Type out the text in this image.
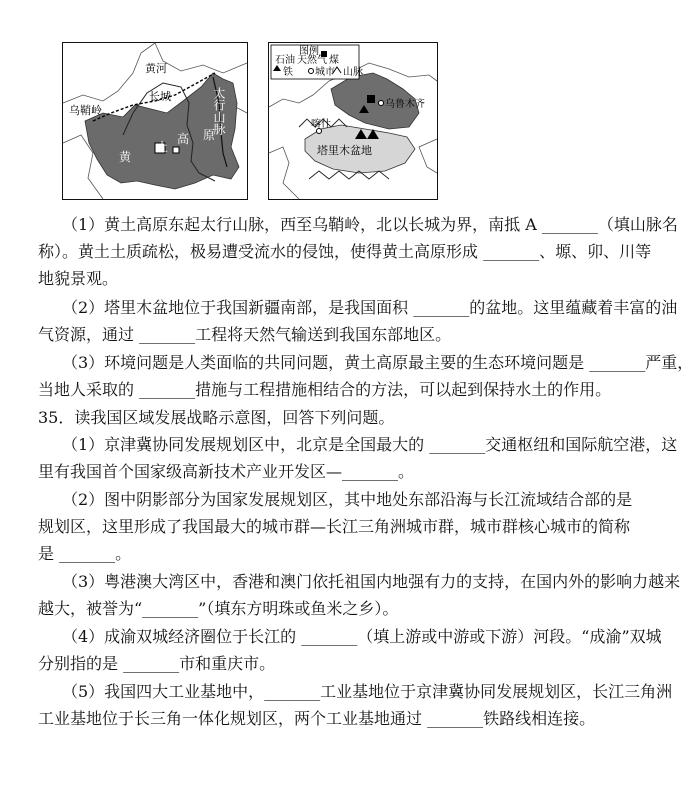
乌鞘岭
黄河
长城	太行山脉
黄
土
高 原
图例
石油 天然气 煤
铁 城市 山脉
乌鲁木齐
喀什
塔里木盆地
（1）黄土高原东起太行山脉，西至乌鞘岭，北以长城为界，南抵 A _______（填山脉名
称）。黄土土质疏松，极易遭受流水的侵蚀，使得黄土高原形成 _______、塬、卯、川等
地貌景观。
（2）塔里木盆地位于我国新疆南部，是我国面积 _______的盆地。这里蕴藏着丰富的油
气资源，通过 _______工程将天然气输送到我国东部地区。
（3）环境问题是人类面临的共同问题，黄土高原最主要的生态环境问题是 _______严重，
当地人采取的 _______措施与工程措施相结合的方法，可以起到保持水土的作用。
35．读我国区域发展战略示意图，回答下列问题。
（1）京津冀协同发展规划区中，北京是全国最大的 _______交通枢纽和国际航空港，这
里有我国首个国家级高新技术产业开发区—_______。
（2）图中阴影部分为国家发展规划区，其中地处东部沿海与长江流域结合部的是
规划区，这里形成了我国最大的城市群—长江三角洲城市群，城市群核心城市的简称
是 _______。
（3）粤港澳大湾区中，香港和澳门依托祖国内地强有力的支持，在国内外的影响力越来
越大，被誉为“_______”（填东方明珠或鱼米之乡）。
（4）成渝双城经济圈位于长江的 _______（填上游或中游或下游）河段。“成渝”双城
分别指的是 _______市和重庆市。
（5）我国四大工业基地中，_______工业基地位于京津冀协同发展规划区，长江三角洲
工业基地位于长三角一体化规划区，两个工业基地通过 _______铁路线相连接。
